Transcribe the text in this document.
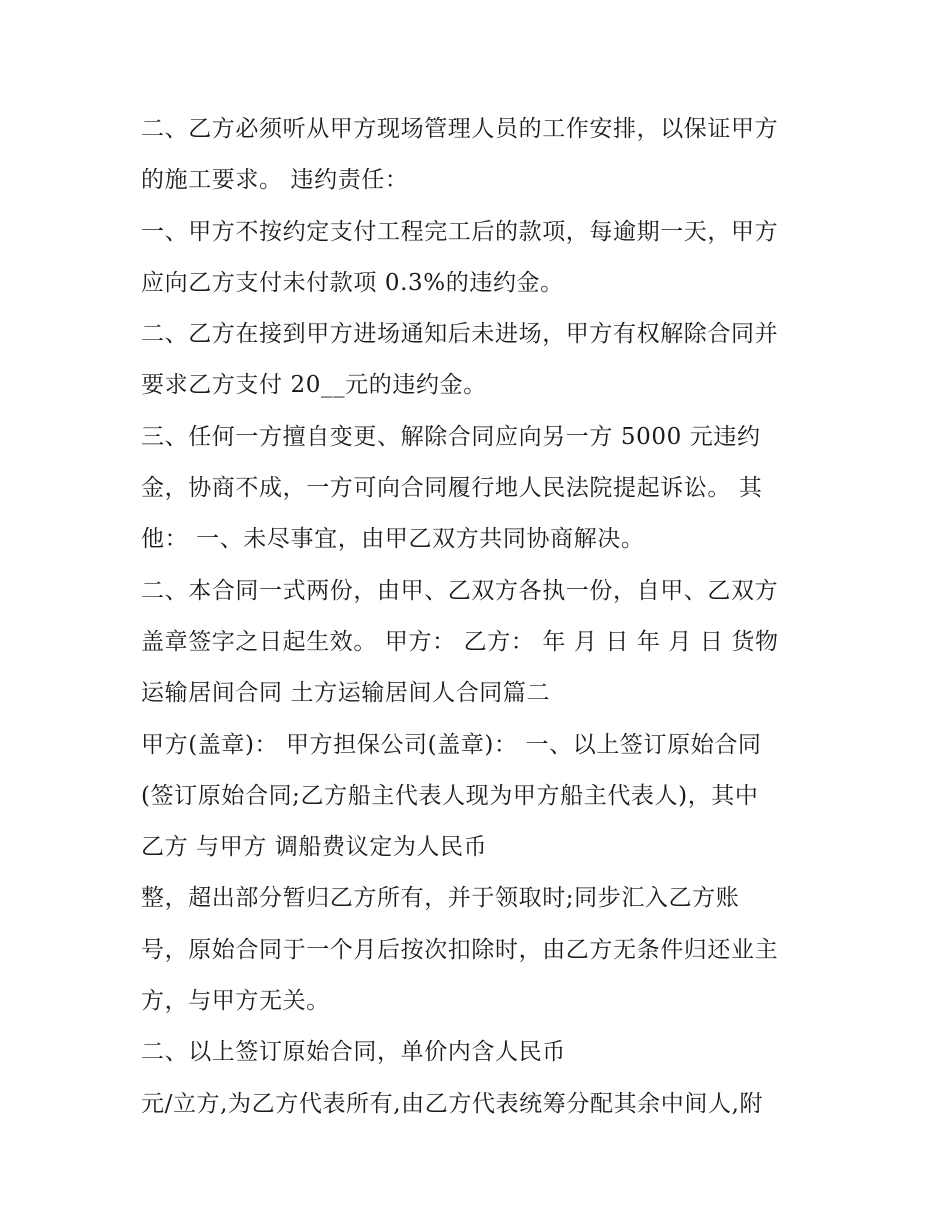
二、乙方必须听从甲方现场管理人员的工作安排，以保证甲方
的施工要求。 违约责任：
一、甲方不按约定支付工程完工后的款项，每逾期一天，甲方
应向乙方支付未付款项 0.3%的违约金。
二、乙方在接到甲方进场通知后未进场，甲方有权解除合同并
要求乙方支付 20__元的违约金。
三、任何一方擅自变更、解除合同应向另一方 5000 元违约
金，协商不成，一方可向合同履行地人民法院提起诉讼。 其
他： 一、未尽事宜，由甲乙双方共同协商解决。
二、本合同一式两份，由甲、乙双方各执一份，自甲、乙双方
盖章签字之日起生效。 甲方： 乙方： 年 月 日 年 月 日 货物
运输居间合同 土方运输居间人合同篇二
甲方(盖章)： 甲方担保公司(盖章)： 一、以上签订原始合同
(签订原始合同;乙方船主代表人现为甲方船主代表人)，其中
乙方 与甲方 调船费议定为人民币
整，超出部分暂归乙方所有，并于领取时;同步汇入乙方账
号，原始合同于一个月后按次扣除时，由乙方无条件归还业主
方，与甲方无关。
二、以上签订原始合同，单价内含人民币
元/立方,为乙方代表所有,由乙方代表统筹分配其余中间人,附
